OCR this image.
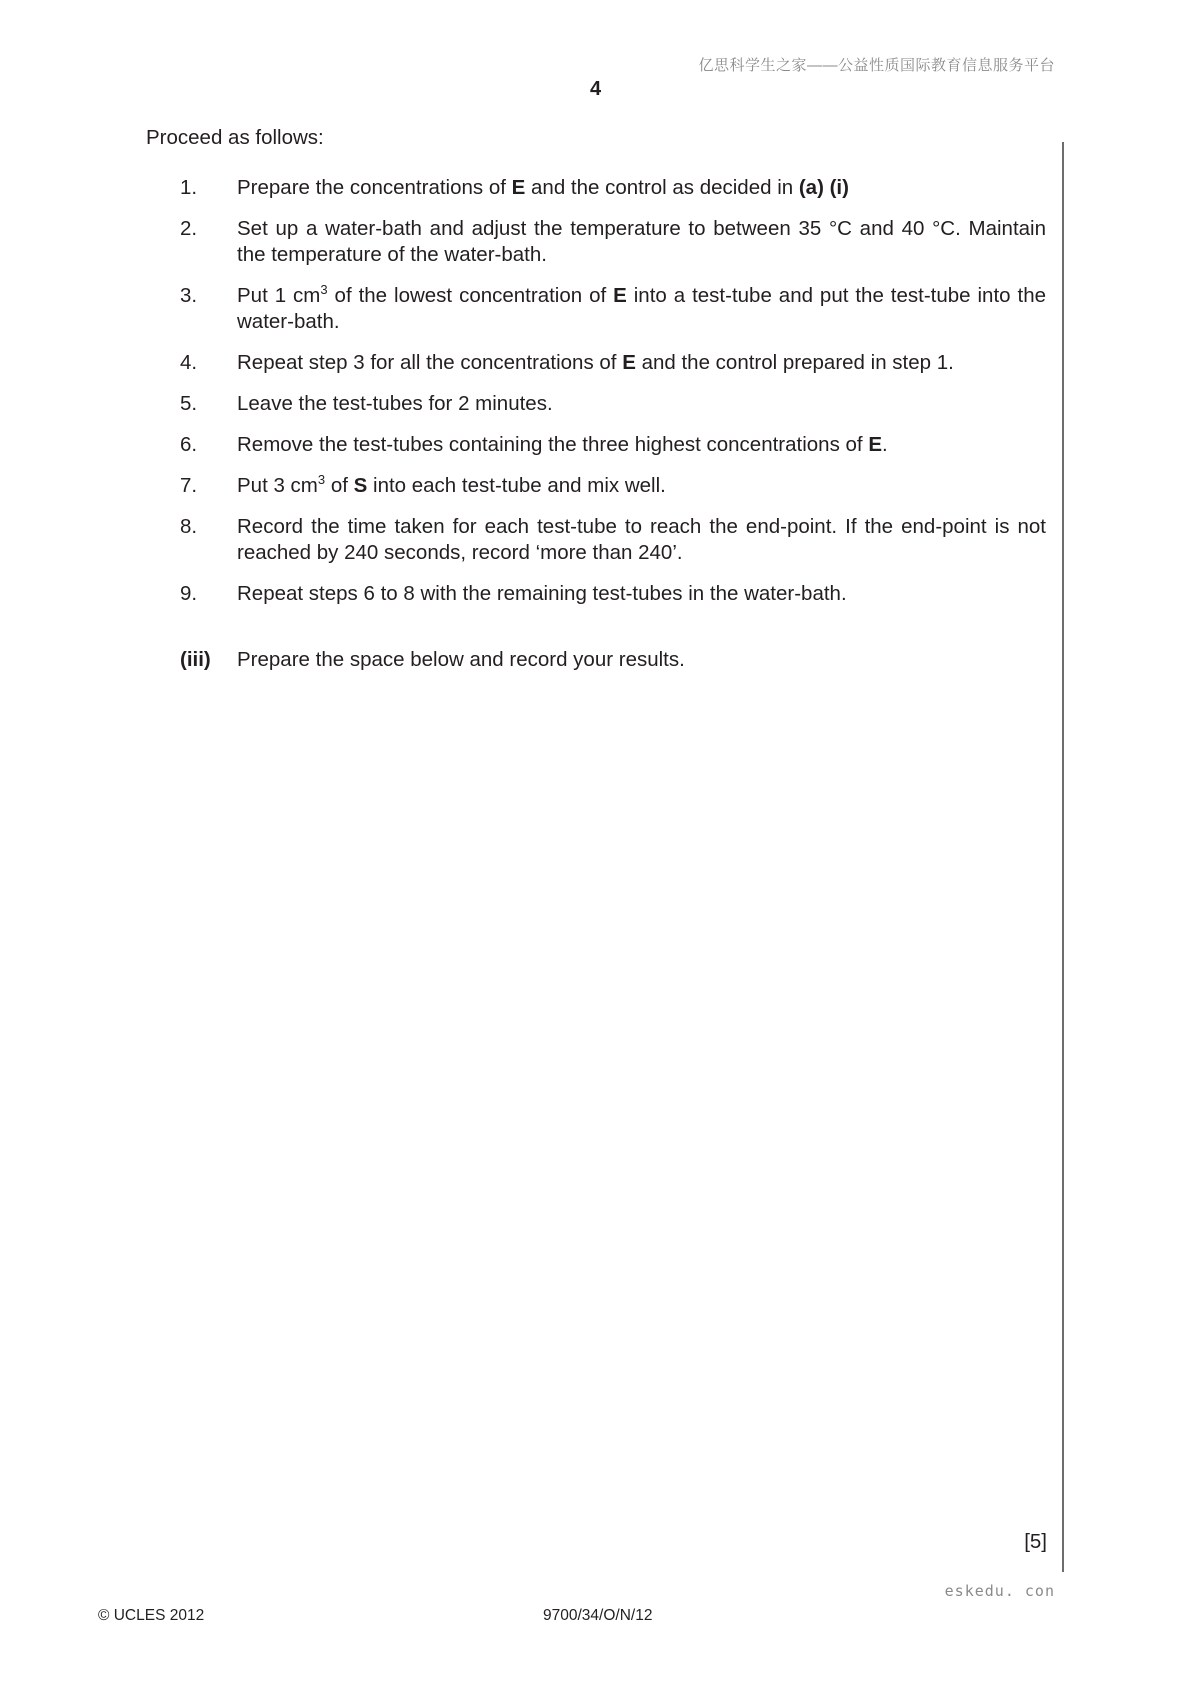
亿思科学生之家——公益性质国际教育信息服务平台
4
Proceed as follows:
1.	Prepare the concentrations of E and the control as decided in (a) (i)
2.	Set up a water-bath and adjust the temperature to between 35 °C and 40 °C. Maintain the temperature of the water-bath.
3.	Put 1 $cm^3$ of the lowest concentration of E into a test-tube and put the test-tube into the water-bath.
4.	Repeat step 3 for all the concentrations of E and the control prepared in step 1.
5.	Leave the test-tubes for 2 minutes.
6.	Remove the test-tubes containing the three highest concentrations of E.
7.	Put 3 $cm^3$ of S into each test-tube and mix well.
8.	Record the time taken for each test-tube to reach the end-point. If the end-point is not reached by 240 seconds, record ‘more than 240’.
9.	Repeat steps 6 to 8 with the remaining test-tubes in the water-bath.
(iii) Prepare the space below and record your results.
[5]
eskedu. con
© UCLES 2012	9700/34/O/N/12
